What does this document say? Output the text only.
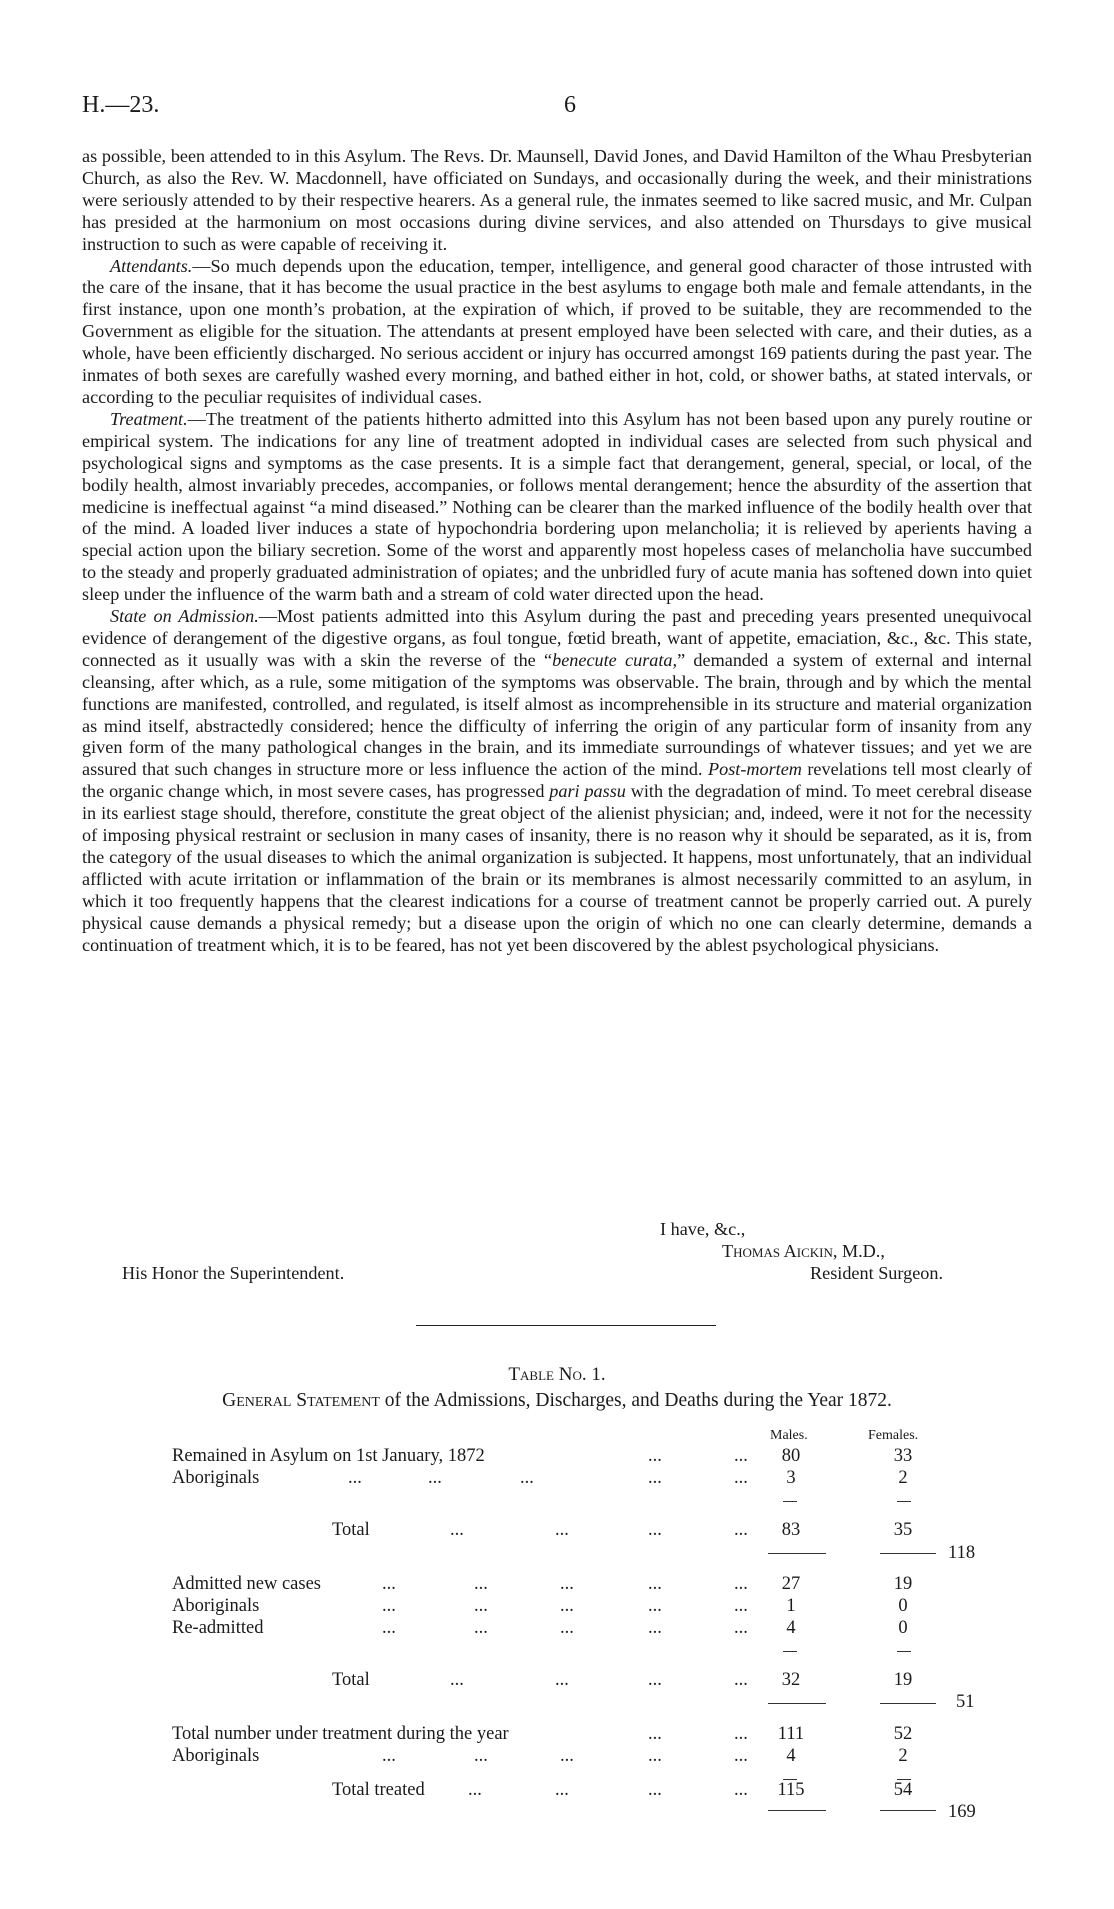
H.—23.	6

as possible, been attended to in this Asylum. The Revs. Dr. Maunsell, David Jones, and David Hamilton of the Whau Presbyterian Church, as also the Rev. W. Macdonnell, have officiated on Sundays, and occasionally during the week, and their ministrations were seriously attended to by their respective hearers. As a general rule, the inmates seemed to like sacred music, and Mr. Culpan has presided at the harmonium on most occasions during divine services, and also attended on Thursdays to give musical instruction to such as were capable of receiving it.

Attendants.—So much depends upon the education, temper, intelligence, and general good character of those intrusted with the care of the insane, that it has become the usual practice in the best asylums to engage both male and female attendants, in the first instance, upon one month’s probation, at the expiration of which, if proved to be suitable, they are recommended to the Government as eligible for the situation. The attendants at present employed have been selected with care, and their duties, as a whole, have been efficiently discharged. No serious accident or injury has occurred amongst 169 patients during the past year. The inmates of both sexes are carefully washed every morning, and bathed either in hot, cold, or shower baths, at stated intervals, or according to the peculiar requisites of individual cases.

Treatment.—The treatment of the patients hitherto admitted into this Asylum has not been based upon any purely routine or empirical system. The indications for any line of treatment adopted in individual cases are selected from such physical and psychological signs and symptoms as the case presents. It is a simple fact that derangement, general, special, or local, of the bodily health, almost invariably precedes, accompanies, or follows mental derangement; hence the absurdity of the assertion that medicine is ineffectual against “a mind diseased.” Nothing can be clearer than the marked influence of the bodily health over that of the mind. A loaded liver induces a state of hypochondria bordering upon melancholia; it is relieved by aperients having a special action upon the biliary secretion. Some of the worst and apparently most hopeless cases of melancholia have succumbed to the steady and properly graduated administration of opiates; and the unbridled fury of acute mania has softened down into quiet sleep under the influence of the warm bath and a stream of cold water directed upon the head.

State on Admission.—Most patients admitted into this Asylum during the past and preceding years presented unequivocal evidence of derangement of the digestive organs, as foul tongue, fœtid breath, want of appetite, emaciation, &c., &c. This state, connected as it usually was with a skin the reverse of the “benecute curata,” demanded a system of external and internal cleansing, after which, as a rule, some mitigation of the symptoms was observable. The brain, through and by which the mental functions are manifested, controlled, and regulated, is itself almost as incomprehensible in its structure and material organization as mind itself, abstractedly considered; hence the difficulty of inferring the origin of any particular form of insanity from any given form of the many pathological changes in the brain, and its immediate surroundings of whatever tissues; and yet we are assured that such changes in structure more or less influence the action of the mind. Post-mortem revelations tell most clearly of the organic change which, in most severe cases, has progressed pari passu with the degradation of mind. To meet cerebral disease in its earliest stage should, therefore, constitute the great object of the alienist physician; and, indeed, were it not for the necessity of imposing physical restraint or seclusion in many cases of insanity, there is no reason why it should be separated, as it is, from the category of the usual diseases to which the animal organization is subjected. It happens, most unfortunately, that an individual afflicted with acute irritation or inflammation of the brain or its membranes is almost necessarily committed to an asylum, in which it too frequently happens that the clearest indications for a course of treatment cannot be properly carried out. A purely physical cause demands a physical remedy; but a disease upon the origin of which no one can clearly determine, demands a continuation of treatment which, it is to be feared, has not yet been discovered by the ablest psychological physicians.

I have, &c.,
Thomas Aickin, M.D.,
His Honor the Superintendent.	Resident Surgeon.
Table No. 1.
General Statement of the Admissions, Discharges, and Deaths during the Year 1872.
Males.	Females.
Remained in Asylum on 1st January, 1872	...	...	80	33
Aboriginals	...	...	...	...	...	3	2
Total	...	...	...	...	83	35
118
Admitted new cases	...	...	...	...	...	27	19
Aboriginals	...	...	...	...	...	1	0
Re-admitted	...	...	...	...	...	4	0
Total	...	...	...	...	32	19
51
Total number under treatment during the year	...	...	111	52
Aboriginals	...	...	...	...	...	4	2
Total treated ...	...	...	...	115	54
169
